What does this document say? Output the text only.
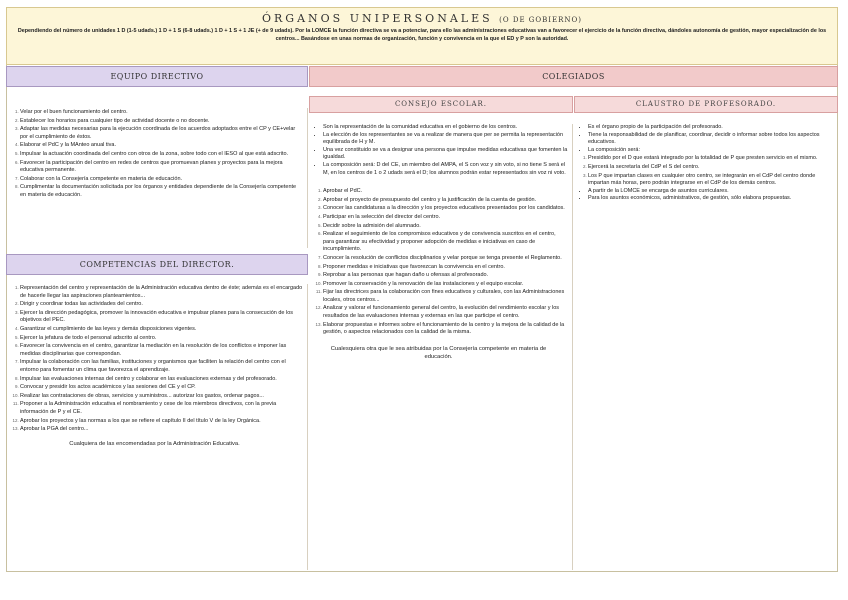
ÓRGANOS UNIPERSONALES (O DE GOBIERNO)

Dependiendo del número de unidades 1 D (1-5 udads.) 1 D + 1 S (6-8 udads.) 1 D + 1 S + 1 JE (+ de 9 udads). Por la LOMCE la función directiva se va a potenciar, para ello las administraciones educativas van a favorecer el ejercicio de la función directiva, dándoles autonomía de gestión, mayor especialización de los centros... Basándose en unas normas de organización, función y convivencia en la que el ED y P son la autoridad.

EQUIPO DIRECTIVO
1. Velar por el buen funcionamiento del centro.
2. Establecer los horarios para cualquier tipo de actividad docente o no docente.
3. Adaptar las medidas necesarias para la ejecución coordinada de los acuerdos adoptados entre el CP y CE+velar por el cumplimiento de éstos.
4. Elaborar el PdC y la MAnteo anual tiva.
5. Impulsar la actuación coordinada del centro con otros de la zona, sobre todo con el IESO al que está adscrito.
6. Favorecer la participación del centro en redes de centros que promuevan planes y proyectos para la mejora educativa permanente.
7. Colaborar con la Consejería competente en materia de educación.
8. Cumplimentar la documentación solicitada por los órganos y entidades dependiente de la Consejería competente en materia de educación.
COMPETENCIAS DEL DIRECTOR.
1. Representación del centro y representación de la Administración educativa dentro de éste; además es el encargado de hacerle llegar las aspiraciones planteamientos...
2. Dirigir y coordinar todas las actividades del centro.
3. Ejercer la dirección pedagógica, promover la innovación educativa e impulsar planes para la consecución de los objetivos del PEC.
4. Garantizar el cumplimiento de las leyes y demás disposiciones vigentes.
5. Ejercer la jefatura de todo el personal adscrito al centro.
6. Favorecer la convivencia en el centro, garantizar la mediación en la resolución de los conflictos e imponer las medidas disciplinarias que correspondan.
7. Impulsar la colaboración con las familias, instituciones y organismos que faciliten la relación del centro con el entorno para fomentar un clima que favorezca el aprendizaje.
8. Impulsar las evaluaciones internas del centro y colaborar en las evaluaciones externas y del profesorado.
9. Convocar y presidir los actos académicos y las sesiones del CE y el CP.
10. Realizar las contrataciones de obras, servicios y suministros... autorizar los gastos, ordenar pagos...
11. Proponer a la Administración educativa el nombramiento y cese de los miembros directivos, con la previa información de P y el CE.
12. Aprobar los proyectos y las normas a los que se refiere el capítulo II del título V de la ley Orgánica.
13. Aprobar la PGA del centro...
Cualquiera de las encomendadas por la Administración Educativa.
COLEGIADOS
CONSEJO ESCOLAR.
• Son la representación de la comunidad educativa en el gobierno de los centros.
• La elección de los representantes se va a realizar de manera que per se permita la representación equilibrada de H y M.
• Una vez constituido se va a designar una persona que impulse medidas educativas que fomenten la igualdad.
• La composición será: D del CE, un miembro del AMPA, el S con voz y sin voto, si no tiene S será el M, en los centros de 1 o 2 udads será el D; los alumnos podrán estar representados sin voz ni voto.
1. Aprobar el PdC.
2. Aprobar el proyecto de presupuesto del centro y la justificación de la cuenta de gestión.
3. Conocer las candidaturas a la dirección y los proyectos educativos presentados por los candidatos.
4. Participar en la selección del director del centro.
5. Decidir sobre la admisión del alumnado.
6. Realizar el seguimiento de los compromisos educativos y de convivencia suscritos en el centro, para garantizar su efectividad y proponer adopción de medidas e iniciativas en caso de incumplimiento.
7. Conocer la resolución de conflictos disciplinarios y velar porque se tenga presente el Reglamento.
8. Proponer medidas e iniciativas que favorezcan la convivencia en el centro.
9. Reprobar a las personas que hagan daño u ofensas al profesorado.
10. Promover la conservación y la renovación de las instalaciones y el equipo escolar.
11. Fijar las directrices para la colaboración con fines educativos y culturales, con las Administraciones locales, otros centros...
12. Analizar y valorar el funcionamiento general del centro, la evolución del rendimiento escolar y los resultados de las evaluaciones internas y externas en las que participe el centro.
13. Elaborar propuestas e informes sobre el funcionamiento de la centro y la mejora de la calidad de la gestión, o aspectos relacionados con la calidad de la misma.
Cualesquiera otra que le sea atribuidas por la Consejería competente en materia de educación.
CLAUSTRO DE PROFESORADO.
• Es el órgano propio de la participación del profesorado.
• Tiene la responsabilidad de de planificar, coordinar, decidir o informar sobre todos los aspectos educativos.
• La composición será:
1. Presidido por el D que estará integrado por la totalidad de P que presten servicio en el mismo.
2. Ejercerá la secretaría del CdP el S del centro.
3. Los P que impartan clases en cualquier otro centro, se integrarán en el CdP del centro donde impartan más horas, pero podrán integrarse en el CdP de los demás centros.
• A partir de la LOMCE se encarga de asuntos curriculares.
• Para los asuntos económicos, administrativos, de gestión, sólo elabora propuestas.
